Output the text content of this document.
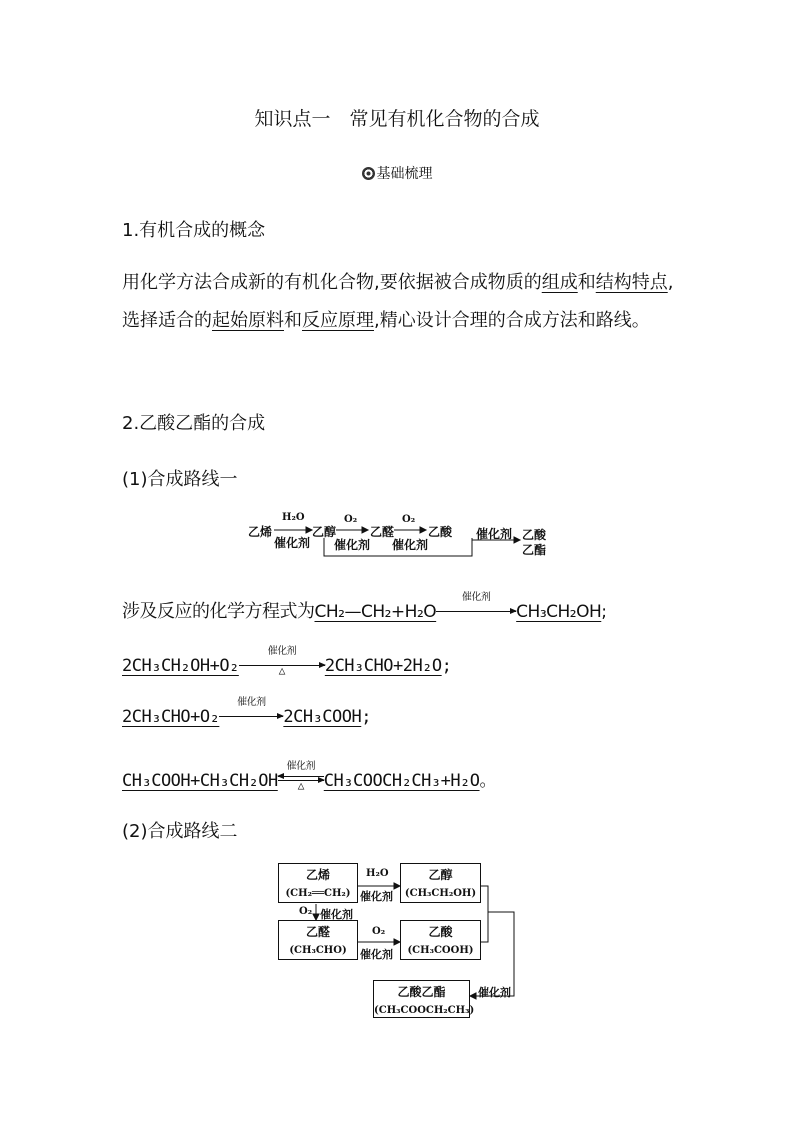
知识点一　常见有机化合物的合成
基础梳理
1.有机合成的概念
用化学方法合成新的有机化合物,要依据被合成物质的组成和结构特点,选择适合的起始原料和反应原理,精心设计合理的合成方法和路线。
2.乙酸乙酯的合成
(1)合成路线一
乙烯
H₂O
催化剂
乙醇
O₂
催化剂
乙醛
O₂
催化剂
乙酸 催化剂 乙酸
乙酯
涉及反应的化学方程式为CH₂—CH₂+H₂O
催化剂
CH₃CH₂OH;
2CH₃CH₂OH+O₂
催化剂
△	2CH₃CHO+2H₂O;
2CH₃CHO+O₂
催化剂
2CH₃COOH;
CH₃COOH+CH₃CH₂OH
催化剂
△	CH₃COOCH₂CH₃+H₂O。
(2)合成路线二
乙烯
(CH₂══CH₂)
乙醇
(CH₃CH₂OH)
乙醛
(CH₃CHO)
乙酸
(CH₃COOH)
乙酸乙酯
(CH₃COOCH₂CH₃)
H₂O
催化剂
O₂ 催化剂
O₂
催化剂
催化剂
